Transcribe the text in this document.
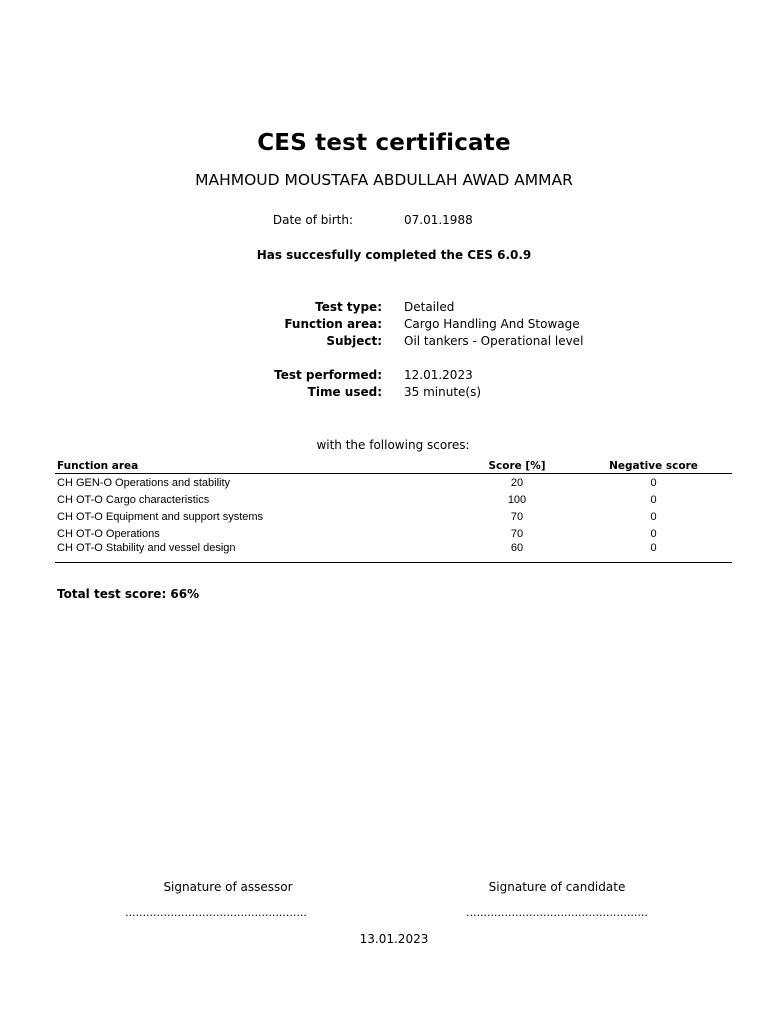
CES test certificate
MAHMOUD MOUSTAFA ABDULLAH AWAD AMMAR
Date of birth:	07.01.1988
Has succesfully completed the CES 6.0.9
Test type: Detailed
Function area: Cargo Handling And Stowage
Subject: Oil tankers - Operational level
Test performed: 12.01.2023
Time used: 35 minute(s)
with the following scores:
Function area	Score [%]	Negative score
CH GEN-O Operations and stability	20	0
CH OT-O Cargo characteristics	100	0
CH OT-O Equipment and support systems	70	0
CH OT-O Operations	70	0
CH OT-O Stability and vessel design	60	0
Total test score: 66%
Signature of assessor	Signature of candidate
....................................................	....................................................
13.01.2023
